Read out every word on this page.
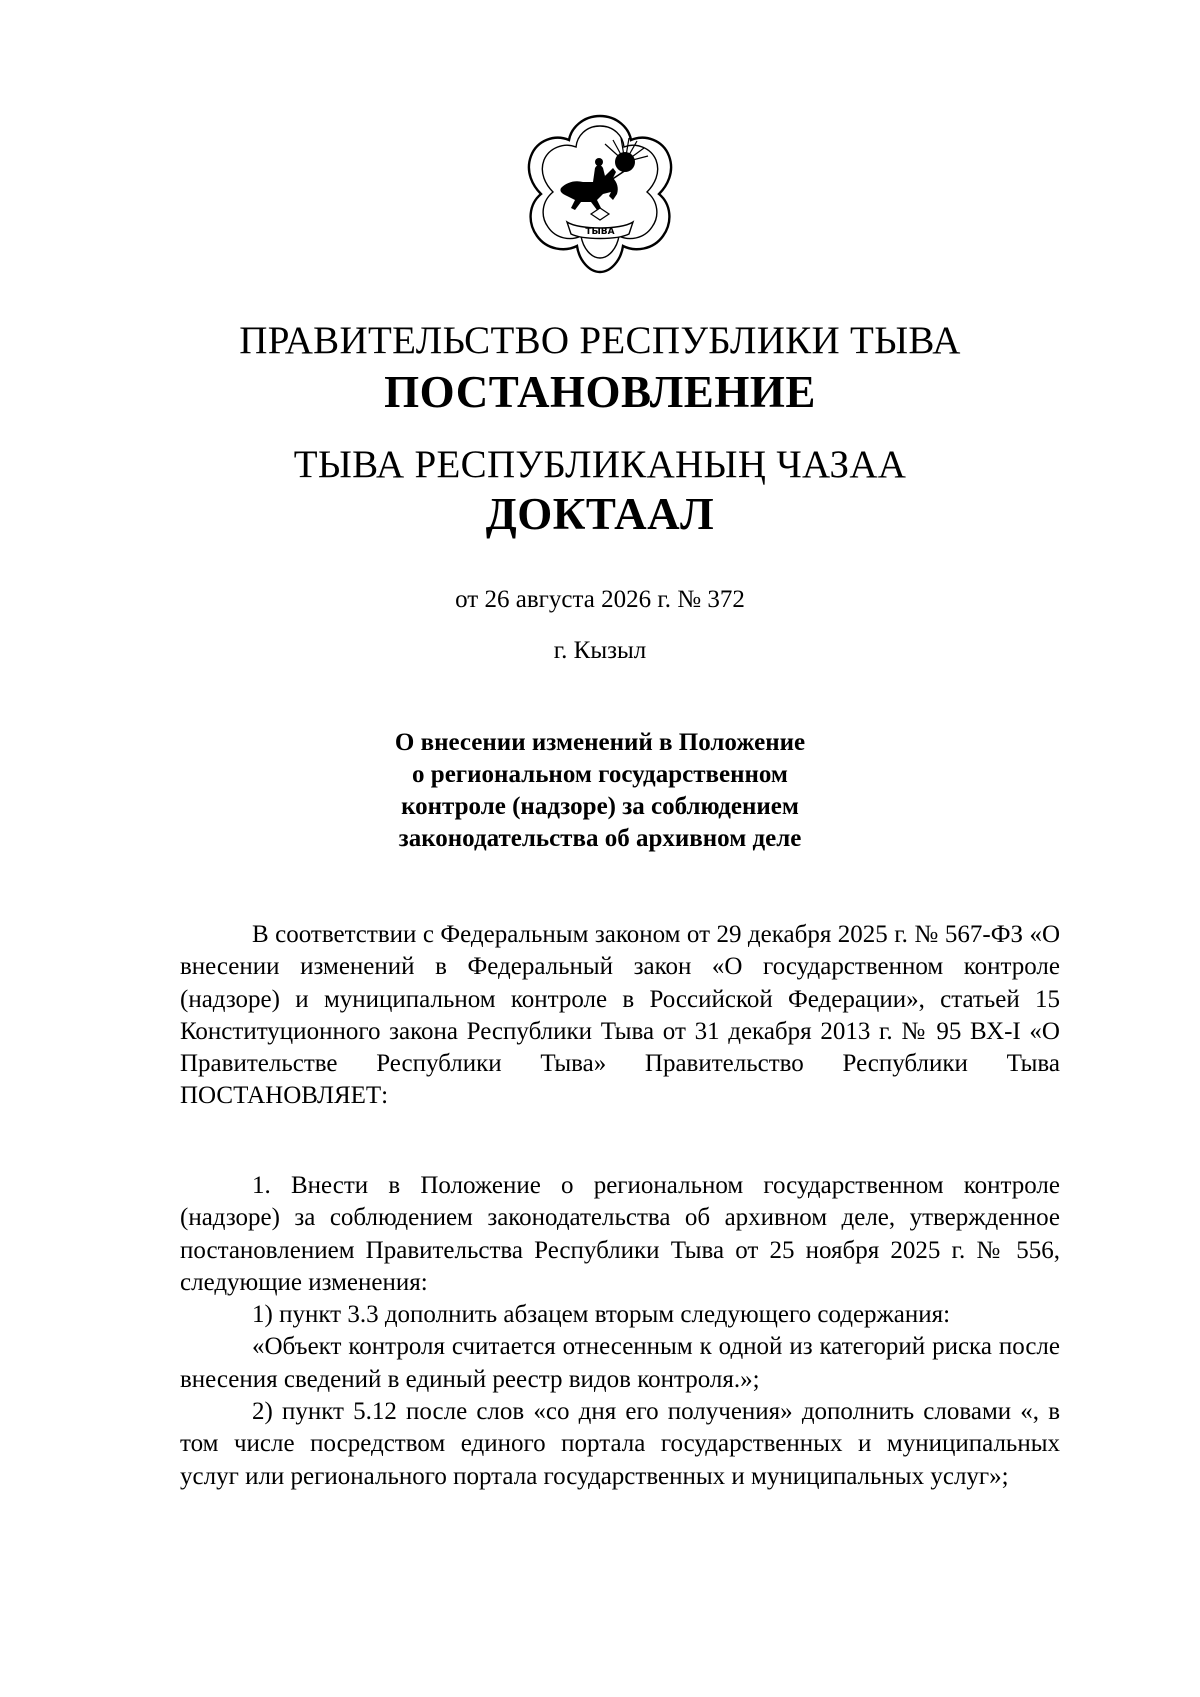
ТЫВА
ПРАВИТЕЛЬСТВО РЕСПУБЛИКИ ТЫВА
ПОСТАНОВЛЕНИЕ
ТЫВА РЕСПУБЛИКАНЫҢ ЧАЗАА
ДОКТААЛ
от 26 августа 2026 г. № 372
г. Кызыл
О внесении изменений в Положение
о региональном государственном
контроле (надзоре) за соблюдением
законодательства об архивном деле

В соответствии с Федеральным законом от 29 декабря 2025 г. № 567-ФЗ «О внесении изменений в Федеральный закон «О государственном контроле (надзоре) и муниципальном контроле в Российской Федерации», статьей 15 Конституционного закона Республики Тыва от 31 декабря 2013 г. № 95 ВХ-I «О Правительстве Республики Тыва» Правительство Республики Тыва ПОСТАНОВЛЯЕТ:

1. Внести в Положение о региональном государственном контроле (надзоре) за соблюдением законодательства об архивном деле, утвержденное постановлением Правительства Республики Тыва от 25 ноября 2025 г. № 556, следующие изменения:

1) пункт 3.3 дополнить абзацем вторым следующего содержания:

«Объект контроля считается отнесенным к одной из категорий риска после внесения сведений в единый реестр видов контроля.»;

2) пункт 5.12 после слов «со дня его получения» дополнить словами «, в том числе посредством единого портала государственных и муниципальных услуг или регионального портала государственных и муниципальных услуг»;
